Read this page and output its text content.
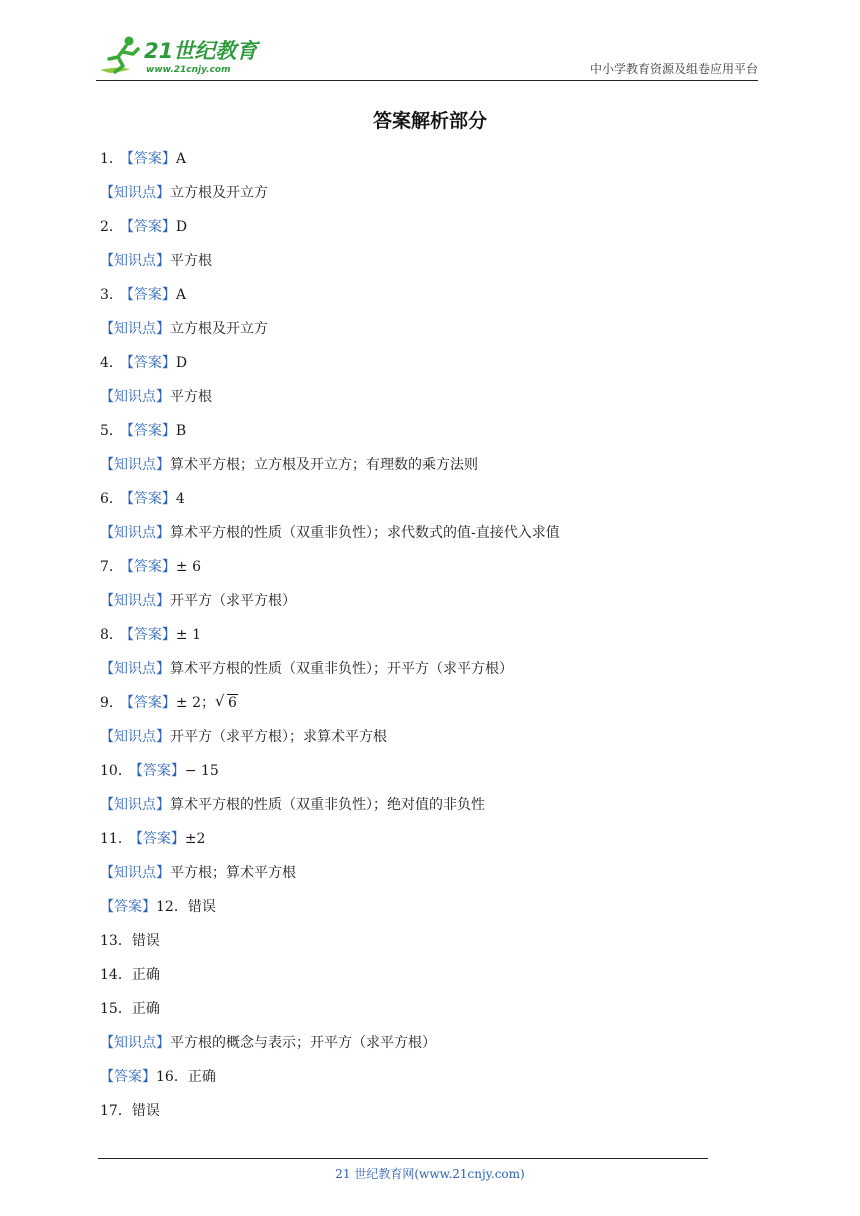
21世纪教育
www.21cnjy.com	中小学教育资源及组卷应用平台
答案解析部分
1． 【答案】A
【知识点】立方根及开立方
2． 【答案】D
【知识点】平方根
3． 【答案】A
【知识点】立方根及开立方
4． 【答案】D
【知识点】平方根
5． 【答案】B
【知识点】算术平方根；立方根及开立方；有理数的乘方法则
6． 【答案】4
【知识点】算术平方根的性质（双重非负性）；求代数式的值-直接代入求值
7． 【答案】± 6
【知识点】开平方（求平方根）
8． 【答案】± 1
【知识点】算术平方根的性质（双重非负性）；开平方（求平方根）
9． 【答案】± 2； √ 6
【知识点】开平方（求平方根）；求算术平方根
10． 【答案】− 15
【知识点】算术平方根的性质（双重非负性）；绝对值的非负性
11． 【答案】±2
【知识点】平方根；算术平方根
【答案】12．错误
13．错误
14．正确
15．正确
【知识点】平方根的概念与表示；开平方（求平方根）
【答案】16．正确
17．错误
21 世纪教育网(www.21cnjy.com)
